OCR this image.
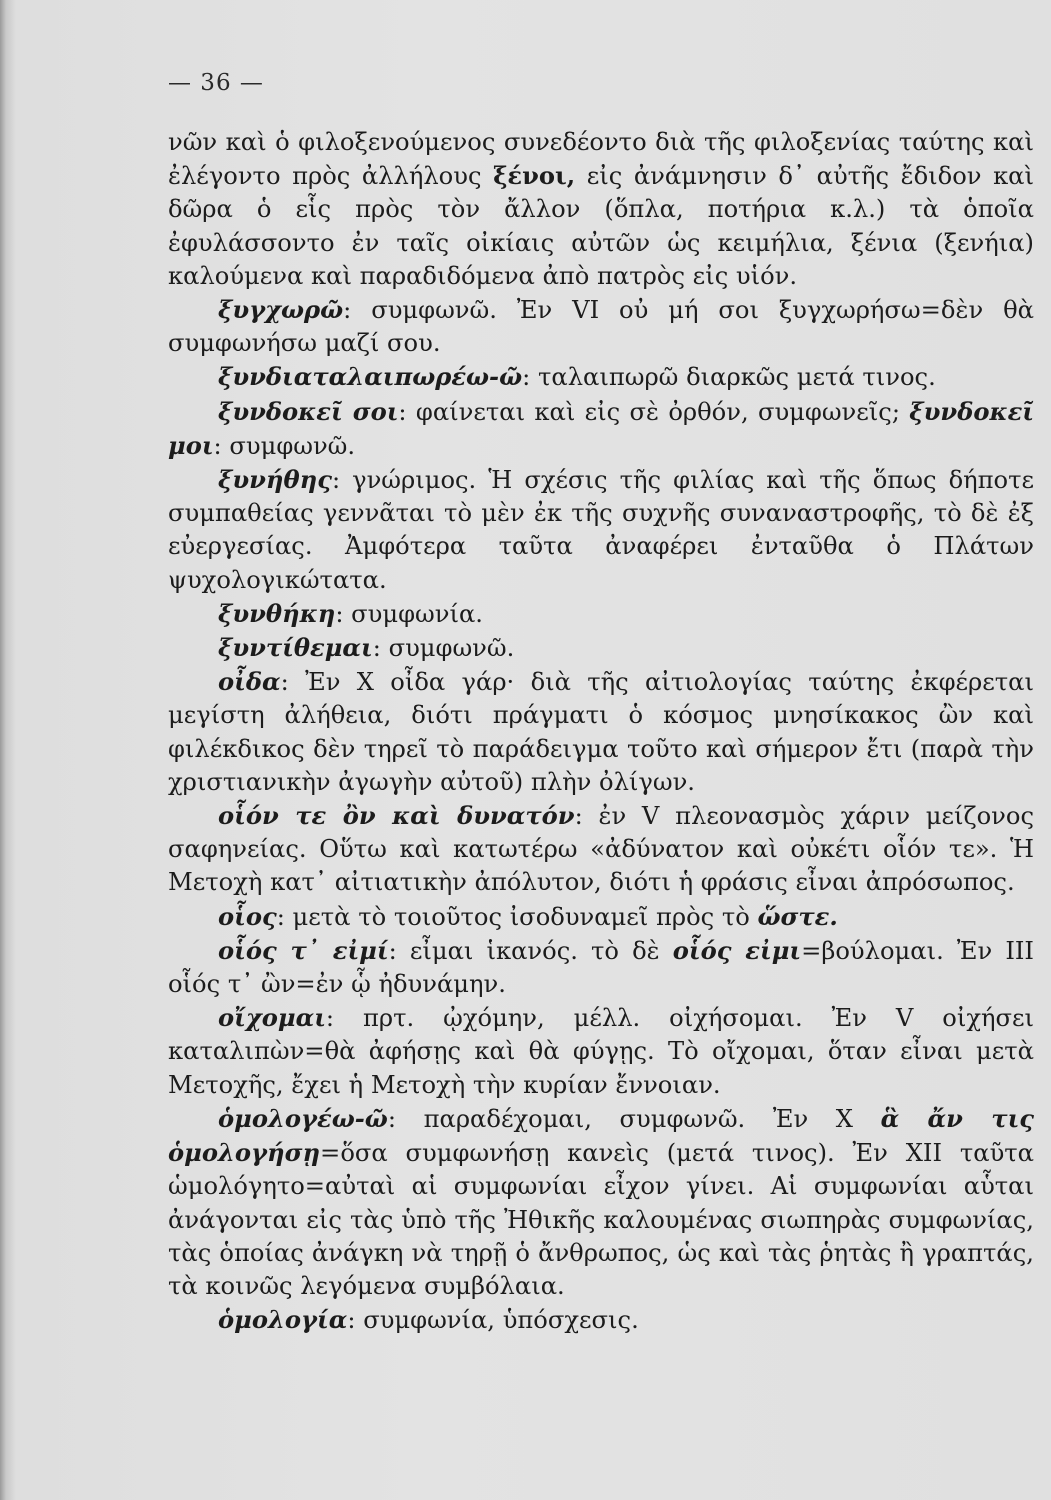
— 36 —

νῶν καὶ ὁ φιλοξενούμενος συνεδέοντο διὰ τῆς φιλοξενίας ταύτης καὶ ἐλέγοντο πρὸς ἀλλήλους ξένοι, εἰς ἀνάμνησιν δ᾽ αὐτῆς ἔδιδον καὶ δῶρα ὁ εἷς πρὸς τὸν ἄλλον (ὅπλα, ποτήρια κ.λ.) τὰ ὁποῖα ἐφυλάσσοντο ἐν ταῖς οἰκίαις αὐτῶν ὡς κειμήλια, ξένια (ξενήια) καλούμενα καὶ παραδιδόμενα ἀπὸ πατρὸς εἰς υἱόν.

ξυγχωρῶ: συμφωνῶ. Ἐν VI οὐ μή σοι ξυγχωρήσω=δὲν θὰ συμφωνήσω μαζί σου.

ξυνδιαταλαιπωρέω-ῶ: ταλαιπωρῶ διαρκῶς μετά τινος.

ξυνδοκεῖ σοι: φαίνεται καὶ εἰς σὲ ὀρθόν, συμφωνεῖς; ξυνδοκεῖ μοι: συμφωνῶ.

ξυνήθης: γνώριμος. Ἡ σχέσις τῆς φιλίας καὶ τῆς ὅπως δήποτε συμπαθείας γεννᾶται τὸ μὲν ἐκ τῆς συχνῆς συναναστροφῆς, τὸ δὲ ἐξ εὐεργεσίας. Ἀμφότερα ταῦτα ἀναφέρει ἐνταῦθα ὁ Πλάτων ψυχολογικώτατα.

ξυνθήκη: συμφωνία.

ξυντίθεμαι: συμφωνῶ.

οἶδα: Ἐν X οἶδα γάρ· διὰ τῆς αἰτιολογίας ταύτης ἐκφέρεται μεγίστη ἀλήθεια, διότι πράγματι ὁ κόσμος μνησίκακος ὢν καὶ φιλέκδικος δὲν τηρεῖ τὸ παράδειγμα τοῦτο καὶ σήμερον ἔτι (παρὰ τὴν χριστιανικὴν ἀγωγὴν αὐτοῦ) πλὴν ὀλίγων.

οἷόν τε ὂν καὶ δυνατόν: ἐν V πλεονασμὸς χάριν μείζονος σαφηνείας. Οὕτω καὶ κατωτέρω «ἀδύνατον καὶ οὐκέτι οἷόν τε». Ἡ Μετοχὴ κατ᾽ αἰτιατικὴν ἀπόλυτον, διότι ἡ φράσις εἶναι ἀπρόσωπος.

οἷος: μετὰ τὸ τοιοῦτος ἰσοδυναμεῖ πρὸς τὸ ὥστε.

οἷός τ᾽ εἰμί: εἶμαι ἱκανός. τὸ δὲ οἷός εἰμι=βούλομαι. Ἐν III οἷός τ᾽ ὢν=ἐν ᾧ ἠδυνάμην.

οἴχομαι: πρτ. ᾠχόμην, μέλλ. οἰχήσομαι. Ἐν V οἰχήσει καταλιπὼν=θὰ ἀφήσῃς καὶ θὰ φύγῃς. Τὸ οἴχομαι, ὅταν εἶναι μετὰ Μετοχῆς, ἔχει ἡ Μετοχὴ τὴν κυρίαν ἔννοιαν.

ὁμολογέω-ῶ: παραδέχομαι, συμφωνῶ. Ἐν X ἃ ἄν τις ὁμολογήσῃ=ὅσα συμφωνήσῃ κανεὶς (μετά τινος). Ἐν XII ταῦτα ὡμολόγητο=αὐταὶ αἱ συμφωνίαι εἶχον γίνει. Αἱ συμφωνίαι αὗται ἀνάγονται εἰς τὰς ὑπὸ τῆς Ἠθικῆς καλουμένας σιωπηρὰς συμφωνίας, τὰς ὁποίας ἀνάγκη νὰ τηρῇ ὁ ἄνθρωπος, ὡς καὶ τὰς ῥητὰς ἢ γραπτάς, τὰ κοινῶς λεγόμενα συμβόλαια.

ὁμολογία: συμφωνία, ὑπόσχεσις.
